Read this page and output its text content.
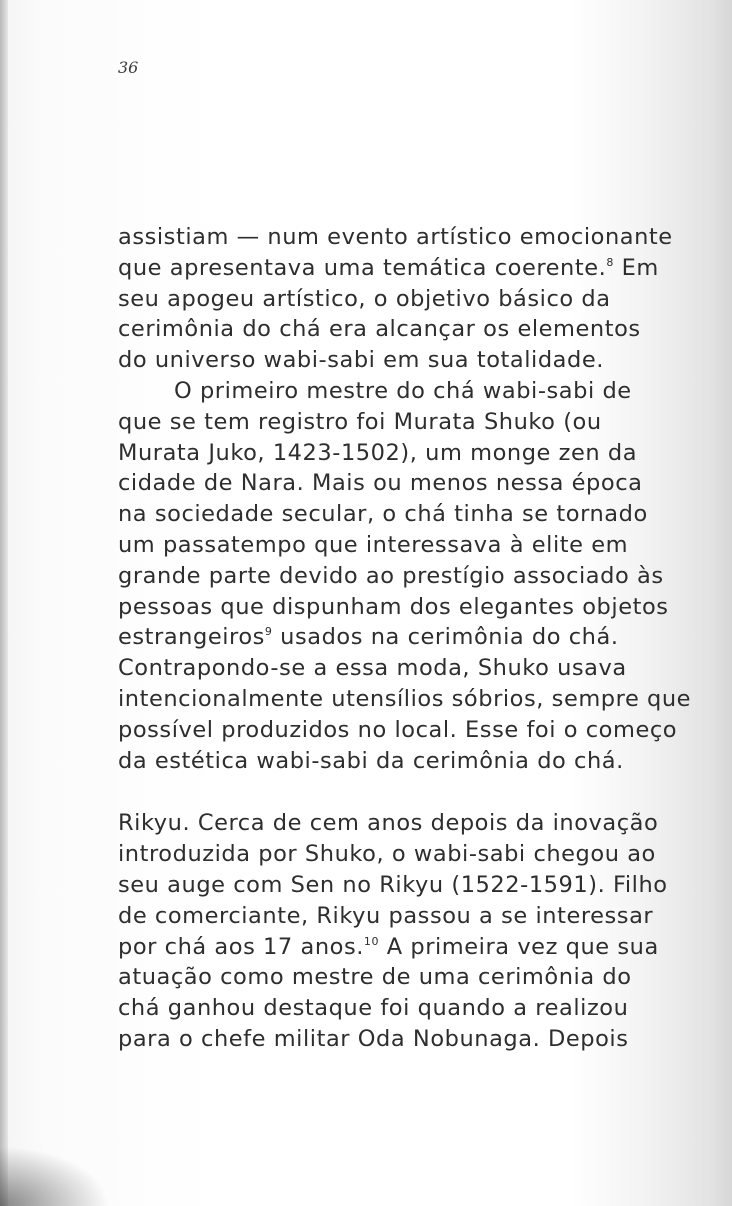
36
assistiam — num evento artístico emocionante
que apresentava uma temática coerente.$^8$ Em
seu apogeu artístico, o objetivo básico da
cerimônia do chá era alcançar os elementos
do universo wabi-sabi em sua totalidade.
O primeiro mestre do chá wabi-sabi de
que se tem registro foi Murata Shuko (ou
Murata Juko, 1423-1502), um monge zen da
cidade de Nara. Mais ou menos nessa época
na sociedade secular, o chá tinha se tornado
um passatempo que interessava à elite em
grande parte devido ao prestígio associado às
pessoas que dispunham dos elegantes objetos
estrangeiros$^9$ usados na cerimônia do chá.
Contrapondo-se a essa moda, Shuko usava
intencionalmente utensílios sóbrios, sempre que
possível produzidos no local. Esse foi o começo
da estética wabi-sabi da cerimônia do chá.
Rikyu. Cerca de cem anos depois da inovação
introduzida por Shuko, o wabi-sabi chegou ao
seu auge com Sen no Rikyu (1522-1591). Filho
de comerciante, Rikyu passou a se interessar
por chá aos 17 anos.$^{10}$ A primeira vez que sua
atuação como mestre de uma cerimônia do
chá ganhou destaque foi quando a realizou
para o chefe militar Oda Nobunaga. Depois
